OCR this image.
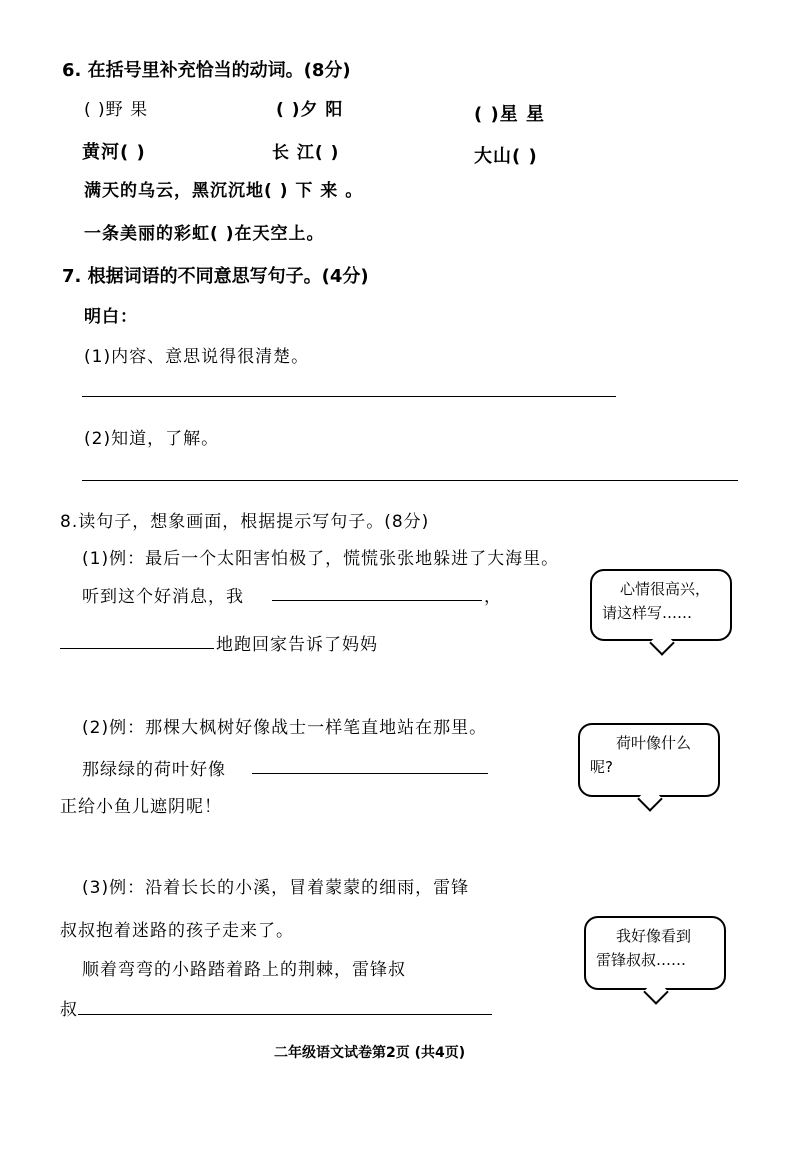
6. 在括号里补充恰当的动词。(8分)
( )野 果	( )夕 阳	( )星 星
黄河( )	长 江( )	大山( )
满天的乌云，黑沉沉地( ) 下 来 。
一条美丽的彩虹( )在天空上。
7. 根据词语的不同意思写句子。(4分)
明白：
(1)内容、意思说得很清楚。
(2)知道，了解。
8.读句子，想象画面，根据提示写句子。(8分)
(1)例：最后一个太阳害怕极了，慌慌张张地躲进了大海里。
听到这个好消息，我	，
地跑回家告诉了妈妈
心情很高兴，
请这样写……
(2)例：那棵大枫树好像战士一样笔直地站在那里。
那绿绿的荷叶好像
正给小鱼儿遮阴呢！
荷叶像什么
呢?
(3)例：沿着长长的小溪，冒着蒙蒙的细雨，雷锋
叔叔抱着迷路的孩子走来了。
顺着弯弯的小路踏着路上的荆棘，雷锋叔
叔
我好像看到
雷锋叔叔……
二年级语文试卷第2页 (共4页)
